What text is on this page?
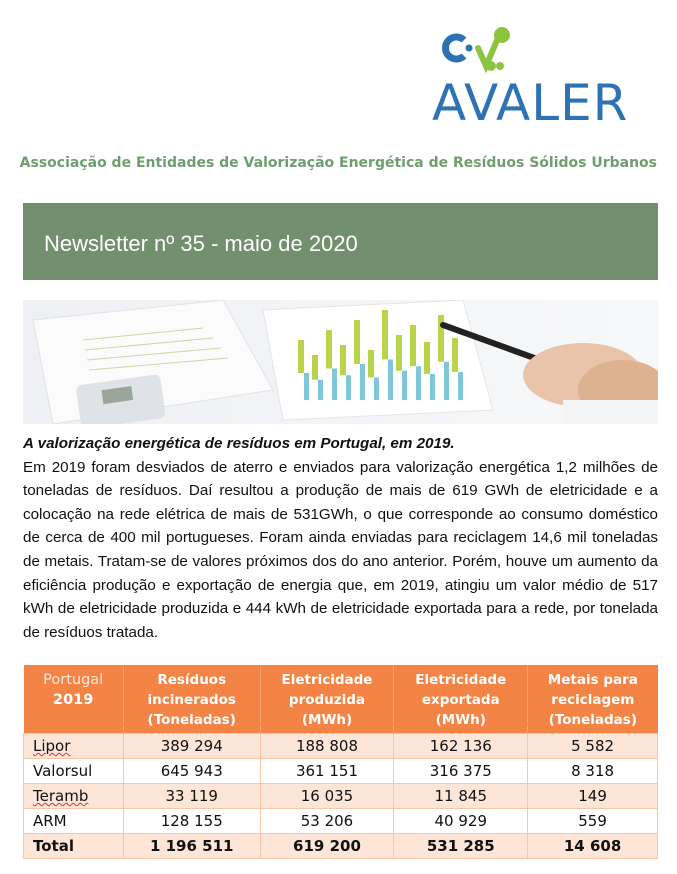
AVALER
Associação de Entidades de Valorização Energética de Resíduos Sólidos Urbanos
Newsletter nº 35 - maio de 2020
A valorização energética de resíduos em Portugal, em 2019.
Em 2019 foram desviados de aterro e enviados para valorização energética 1,2 milhões de toneladas de resíduos. Daí resultou a produção de mais de 619 GWh de eletricidade e a colocação na rede elétrica de mais de 531GWh, o que corresponde ao consumo doméstico de cerca de 400 mil portugueses. Foram ainda enviadas para reciclagem 14,6 mil toneladas de metais. Tratam-se de valores próximos dos do ano anterior. Porém, houve um aumento da eficiência produção e exportação de energia que, em 2019, atingiu um valor médio de 517 kWh de eletricidade produzida e 444 kWh de eletricidade exportada para a rede, por tonelada de resíduos tratada.
Portugal
2019	Resíduos incinerados (Toneladas)	Eletricidade produzida (MWh)	Eletricidade exportada (MWh)	Metais para reciclagem (Toneladas)
Lipor	389 294	188 808	162 136	5 582
Valorsul	645 943	361 151	316 375	8 318
Teramb	33 119	16 035	11 845	149
ARM	128 155	53 206	40 929	559
Total	1 196 511	619 200	531 285	14 608
